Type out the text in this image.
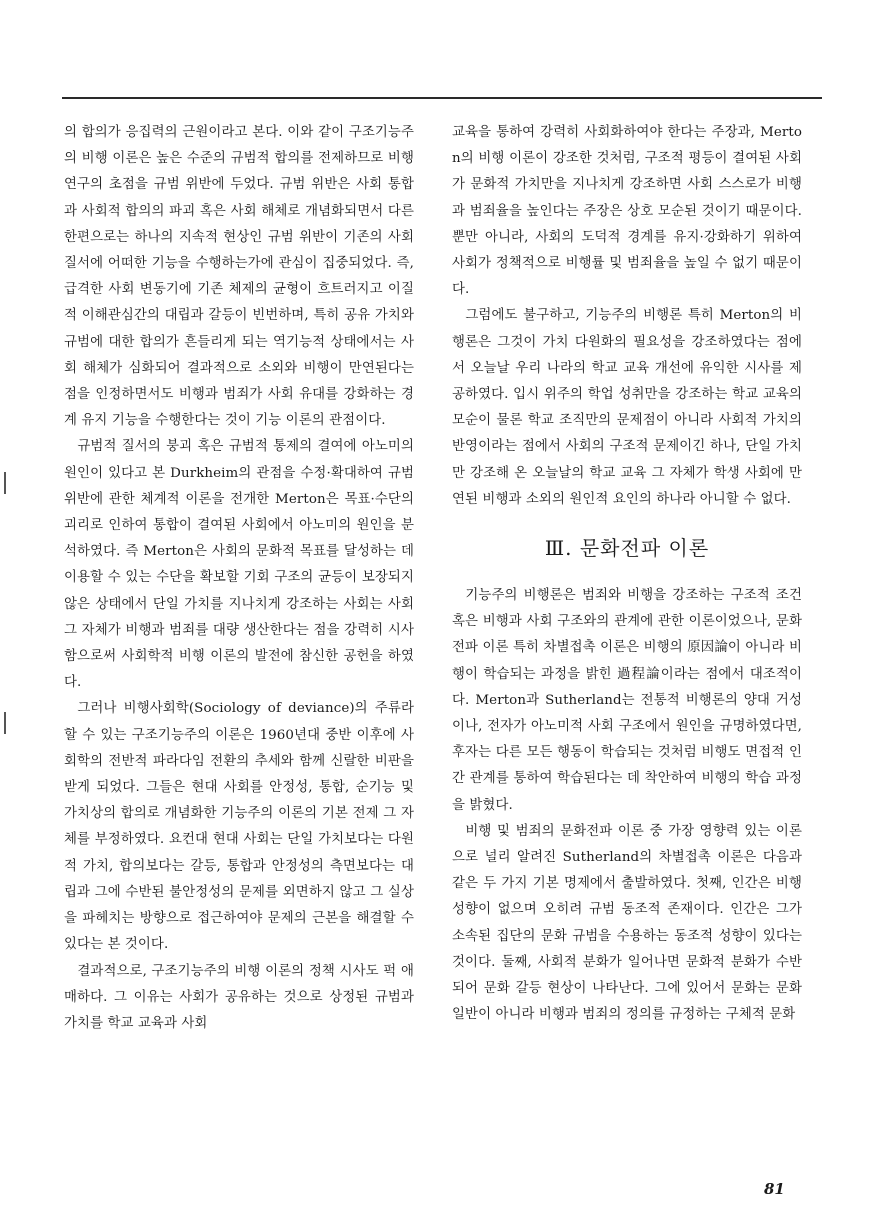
의 합의가 응집력의 근원이라고 본다. 이와 같이 구조기능주의 비행 이론은 높은 수준의 규범적 합의를 전제하므로 비행 연구의 초점을 규범 위반에 두었다. 규범 위반은 사회 통합과 사회적 합의의 파괴 혹은 사회 해체로 개념화되면서 다른 한편으로는 하나의 지속적 현상인 규범 위반이 기존의 사회 질서에 어떠한 기능을 수행하는가에 관심이 집중되었다. 즉, 급격한 사회 변동기에 기존 체제의 균형이 흐트러지고 이질적 이해관심간의 대립과 갈등이 빈번하며, 특히 공유 가치와 규범에 대한 합의가 흔들리게 되는 역기능적 상태에서는 사회 해체가 심화되어 결과적으로 소외와 비행이 만연된다는 점을 인정하면서도 비행과 범죄가 사회 유대를 강화하는 경계 유지 기능을 수행한다는 것이 기능 이론의 관점이다.

규범적 질서의 붕괴 혹은 규범적 통제의 결여에 아노미의 원인이 있다고 본 Durkheim의 관점을 수정·확대하여 규범 위반에 관한 체계적 이론을 전개한 Merton은 목표·수단의 괴리로 인하여 통합이 결여된 사회에서 아노미의 원인을 분석하였다. 즉 Merton은 사회의 문화적 목표를 달성하는 데 이용할 수 있는 수단을 확보할 기회 구조의 균등이 보장되지 않은 상태에서 단일 가치를 지나치게 강조하는 사회는 사회 그 자체가 비행과 범죄를 대량 생산한다는 점을 강력히 시사함으로써 사회학적 비행 이론의 발전에 참신한 공헌을 하였다.

그러나 비행사회학(Sociology of deviance)의 주류라 할 수 있는 구조기능주의 이론은 1960년대 중반 이후에 사회학의 전반적 파라다임 전환의 추세와 함께 신랄한 비판을 받게 되었다. 그들은 현대 사회를 안정성, 통합, 순기능 및 가치상의 합의로 개념화한 기능주의 이론의 기본 전제 그 자체를 부정하였다. 요컨대 현대 사회는 단일 가치보다는 다원적 가치, 합의보다는 갈등, 통합과 안정성의 측면보다는 대립과 그에 수반된 불안정성의 문제를 외면하지 않고 그 실상을 파헤치는 방향으로 접근하여야 문제의 근본을 해결할 수 있다는 본 것이다.

결과적으로, 구조기능주의 비행 이론의 정책 시사도 퍽 애매하다. 그 이유는 사회가 공유하는 것으로 상정된 규범과 가치를 학교 교육과 사회

교육을 통하여 강력히 사회화하여야 한다는 주장과, Merton의 비행 이론이 강조한 것처럼, 구조적 평등이 결여된 사회가 문화적 가치만을 지나치게 강조하면 사회 스스로가 비행과 범죄율을 높인다는 주장은 상호 모순된 것이기 때문이다. 뿐만 아니라, 사회의 도덕적 경계를 유지·강화하기 위하여 사회가 정책적으로 비행률 및 범죄율을 높일 수 없기 때문이다.

그럼에도 불구하고, 기능주의 비행론 특히 Merton의 비행론은 그것이 가치 다원화의 필요성을 강조하였다는 점에서 오늘날 우리 나라의 학교 교육 개선에 유익한 시사를 제공하였다. 입시 위주의 학업 성취만을 강조하는 학교 교육의 모순이 물론 학교 조직만의 문제점이 아니라 사회적 가치의 반영이라는 점에서 사회의 구조적 문제이긴 하나, 단일 가치만 강조해 온 오늘날의 학교 교육 그 자체가 학생 사회에 만연된 비행과 소외의 원인적 요인의 하나라 아니할 수 없다.

Ⅲ. 문화전파 이론

기능주의 비행론은 범죄와 비행을 강조하는 구조적 조건 혹은 비행과 사회 구조와의 관계에 관한 이론이었으나, 문화전파 이론 특히 차별접촉 이론은 비행의 原因論이 아니라 비행이 학습되는 과정을 밝힌 過程論이라는 점에서 대조적이다. Merton과 Sutherland는 전통적 비행론의 양대 거성이나, 전자가 아노미적 사회 구조에서 원인을 규명하였다면, 후자는 다른 모든 행동이 학습되는 것처럼 비행도 면접적 인간 관계를 통하여 학습된다는 데 착안하여 비행의 학습 과정을 밝혔다.

비행 및 범죄의 문화전파 이론 중 가장 영향력 있는 이론으로 널리 알려진 Sutherland의 차별접촉 이론은 다음과 같은 두 가지 기본 명제에서 출발하였다. 첫째, 인간은 비행 성향이 없으며 오히려 규범 동조적 존재이다. 인간은 그가 소속된 집단의 문화 규범을 수용하는 동조적 성향이 있다는 것이다. 둘째, 사회적 분화가 일어나면 문화적 분화가 수반되어 문화 갈등 현상이 나타난다. 그에 있어서 문화는 문화 일반이 아니라 비행과 범죄의 정의를 규정하는 구체적 문화

81
